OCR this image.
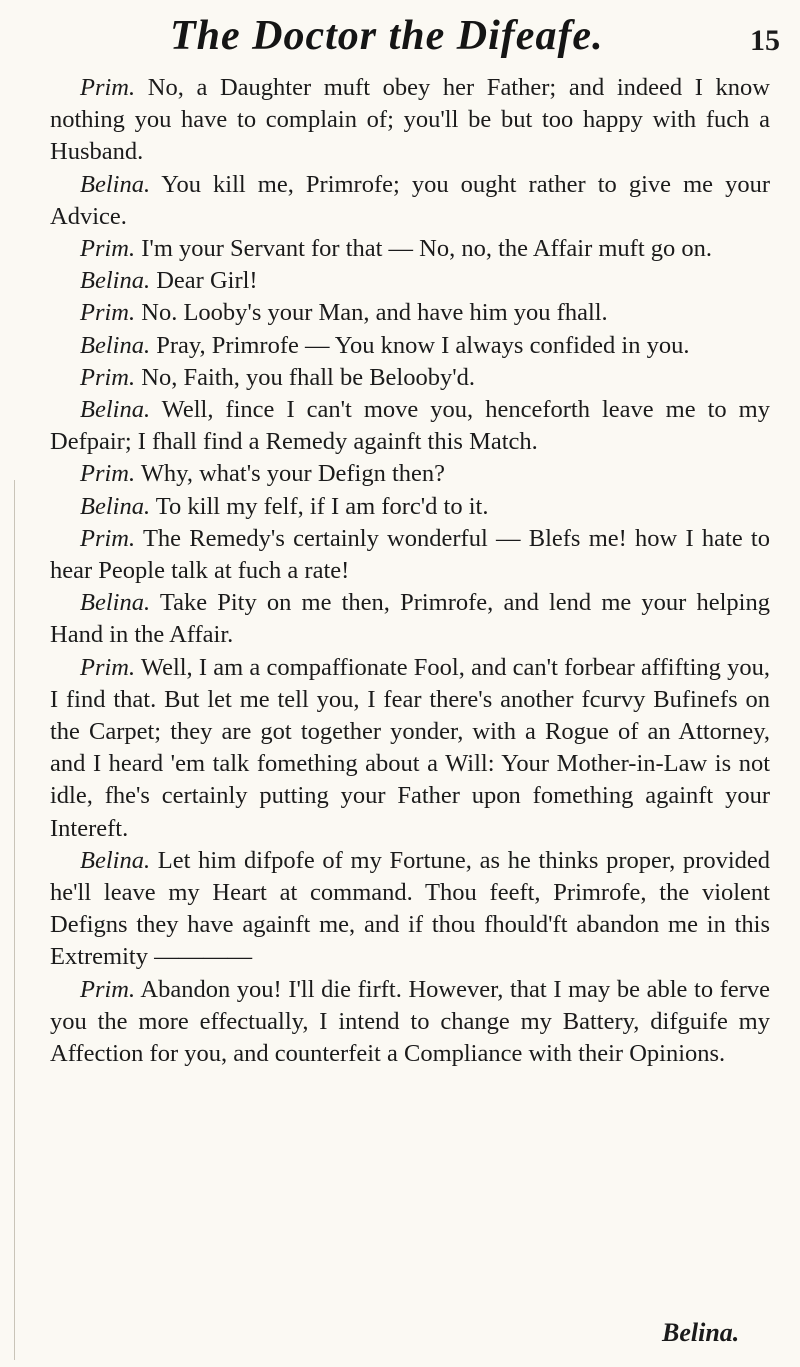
The Doctor the Difeafe.	15

Prim. No, a Daughter muft obey her Father; and indeed I know nothing you have to complain of; you'll be but too happy with fuch a Husband.

Belina. You kill me, Primrofe; you ought rather to give me your Advice.

Prim. I'm your Servant for that — No, no, the Affair muft go on.

Belina. Dear Girl!

Prim. No. Looby's your Man, and have him you fhall.

Belina. Pray, Primrofe — You know I always confided in you.

Prim. No, Faith, you fhall be Belooby'd.

Belina. Well, fince I can't move you, henceforth leave me to my Defpair; I fhall find a Remedy againft this Match.

Prim. Why, what's your Defign then?

Belina. To kill my felf, if I am forc'd to it.

Prim. The Remedy's certainly wonderful — Blefs me! how I hate to hear People talk at fuch a rate!

Belina. Take Pity on me then, Primrofe, and lend me your helping Hand in the Affair.

Prim. Well, I am a compaffionate Fool, and can't forbear affifting you, I find that. But let me tell you, I fear there's another fcurvy Bufinefs on the Carpet; they are got together yonder, with a Rogue of an Attorney, and I heard 'em talk fomething about a Will: Your Mother-in-Law is not idle, fhe's certainly putting your Father upon fomething againft your Intereft.

Belina. Let him difpofe of my Fortune, as he thinks proper, provided he'll leave my Heart at command. Thou feeft, Primrofe, the violent Defigns they have againft me, and if thou fhould'ft abandon me in this Extremity ————

Prim. Abandon you! I'll die firft. However, that I may be able to ferve you the more effectually, I intend to change my Battery, difguife my Affection for you, and counterfeit a Compliance with their Opinions.

Belina.
